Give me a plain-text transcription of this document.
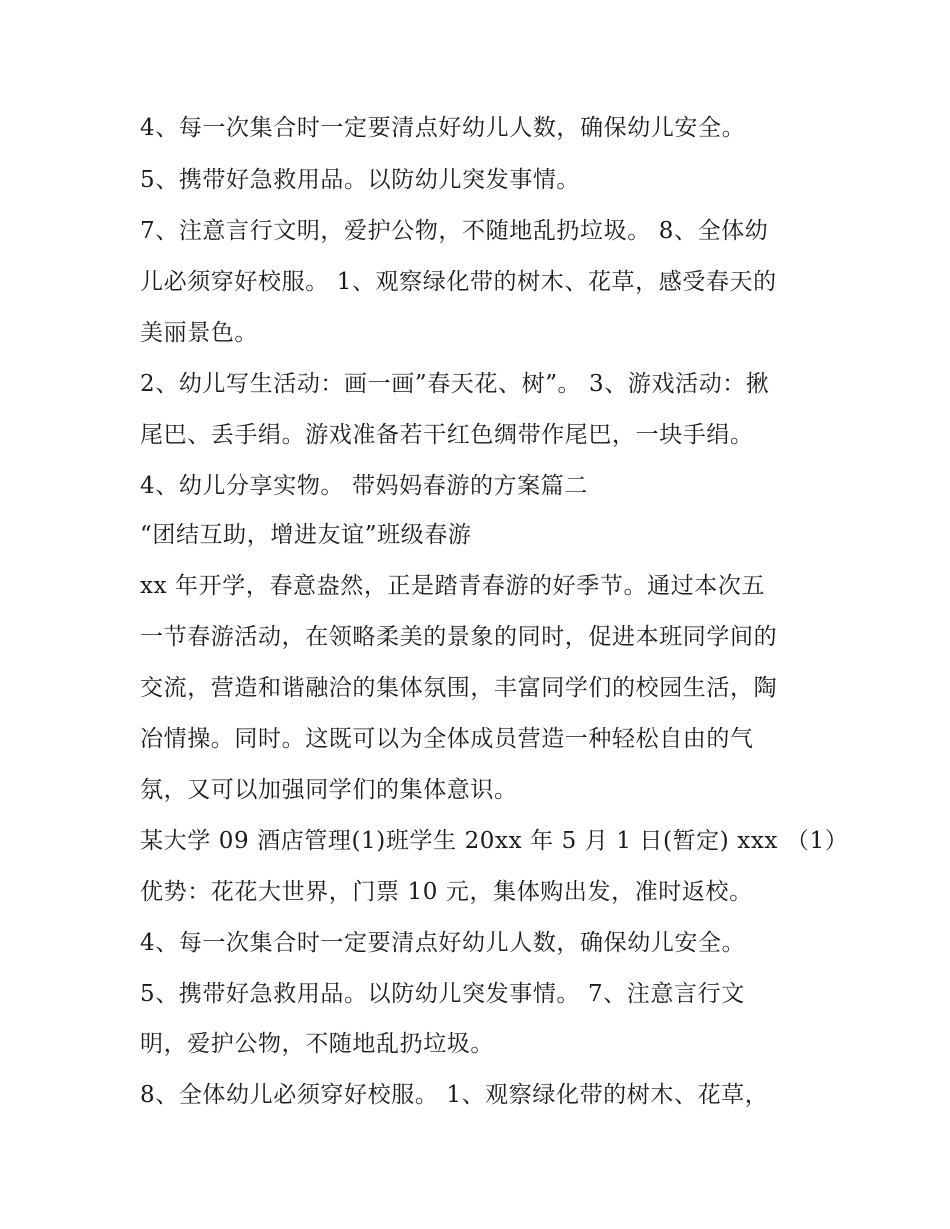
4、每一次集合时一定要清点好幼儿人数，确保幼儿安全。
5、携带好急救用品。以防幼儿突发事情。
7、注意言行文明，爱护公物，不随地乱扔垃圾。 8、全体幼
儿必须穿好校服。 1、观察绿化带的树木、花草，感受春天的
美丽景色。
2、幼儿写生活动：画一画”春天花、树”。 3、游戏活动：揪
尾巴、丢手绢。游戏准备若干红色绸带作尾巴，一块手绢。
4、幼儿分享实物。 带妈妈春游的方案篇二
“团结互助，增进友谊”班级春游
xx 年开学，春意盎然，正是踏青春游的好季节。通过本次五
一节春游活动，在领略柔美的景象的同时，促进本班同学间的
交流，营造和谐融洽的集体氛围，丰富同学们的校园生活，陶
冶情操。同时。这既可以为全体成员营造一种轻松自由的气
氛，又可以加强同学们的集体意识。
某大学 09 酒店管理(1)班学生 20xx 年 5 月 1 日(暂定) xxx （1）
优势：花花大世界，门票 10 元，集体购出发，准时返校。
4、每一次集合时一定要清点好幼儿人数，确保幼儿安全。
5、携带好急救用品。以防幼儿突发事情。 7、注意言行文
明，爱护公物，不随地乱扔垃圾。
8、全体幼儿必须穿好校服。 1、观察绿化带的树木、花草，
